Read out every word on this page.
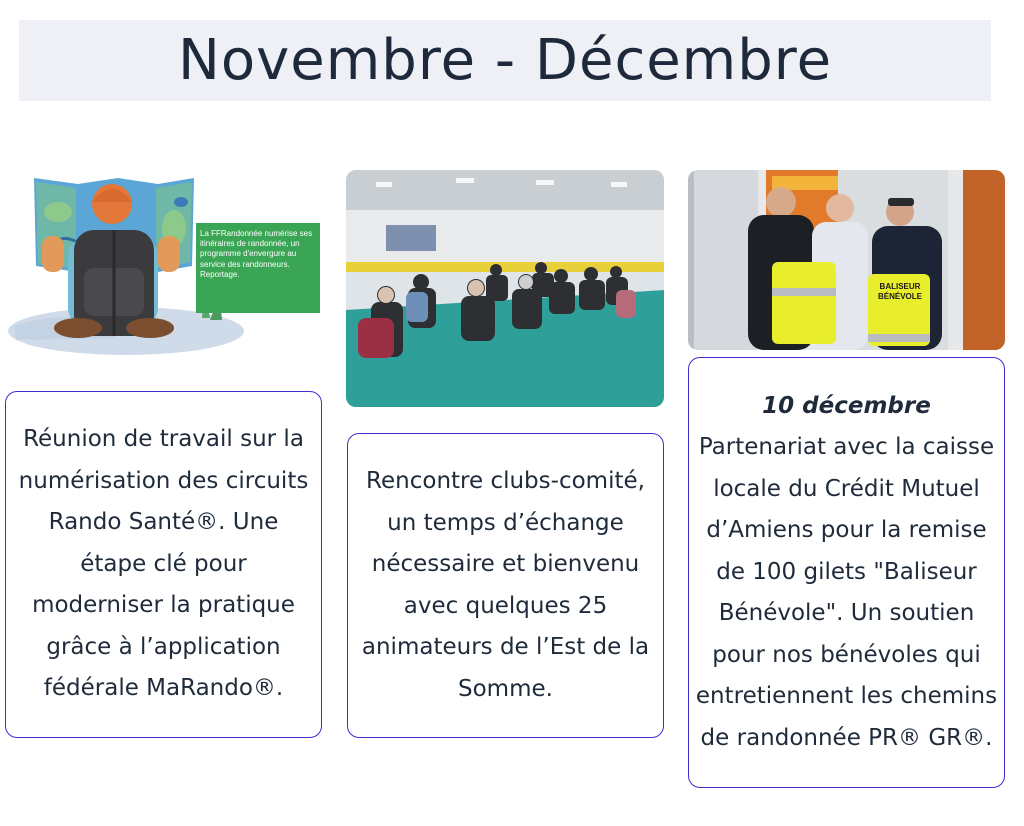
Novembre - Décembre
La FFRandonnée numérise ses itinéraires de randonnée, un programme d'envergure au service des randonneurs. Reportage.
BALISEUR
BÉNÉVOLE

Réunion de travail sur la numérisation des circuits Rando Santé®. Une étape clé pour moderniser la pratique grâce à l’application fédérale MaRando®.

Rencontre clubs-comité, un temps d’échange nécessaire et bienvenu avec quelques 25 animateurs de l’Est de la Somme.

10 décembre

Partenariat avec la caisse locale du Crédit Mutuel d’Amiens pour la remise de 100 gilets "Baliseur Bénévole". Un soutien pour nos bénévoles qui entretiennent les chemins de randonnée PR® GR®.
